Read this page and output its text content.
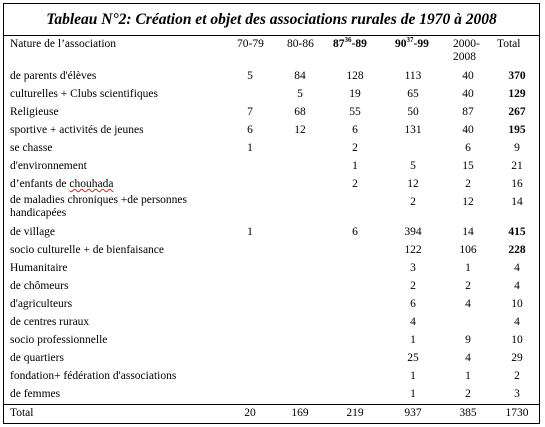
Tableau N°2: Création et objet des associations rurales de 1970 à 2008
Nature de l’association	70-79	80-86	$87^{36}-89$	$90^{37}-99$	2000-2008	Total
de parents d'élèves	5	84	128	113	40	370
culturelles + Clubs scientifiques		5	19	65	40	129
Religieuse	7	68	55	50	87	267
sportive + activités de jeunes	6	12	6	131	40	195
se chasse	1		2		6	9
d'environnement			1	5	15	21
d’enfants de chouhada			2	12	2	16
de maladies chroniques +de personnes handicapées				2	12	14
de village	1		6	394	14	415
socio culturelle + de bienfaisance				122	106	228
Humanitaire				3	1	4
de chômeurs				2	2	4
d'agriculteurs				6	4	10
de centres ruraux				4		4
socio professionnelle				1	9	10
de quartiers				25	4	29
fondation+ fédération d'associations				1	1	2
de femmes				1	2	3
Total	20	169	219	937	385	1730
